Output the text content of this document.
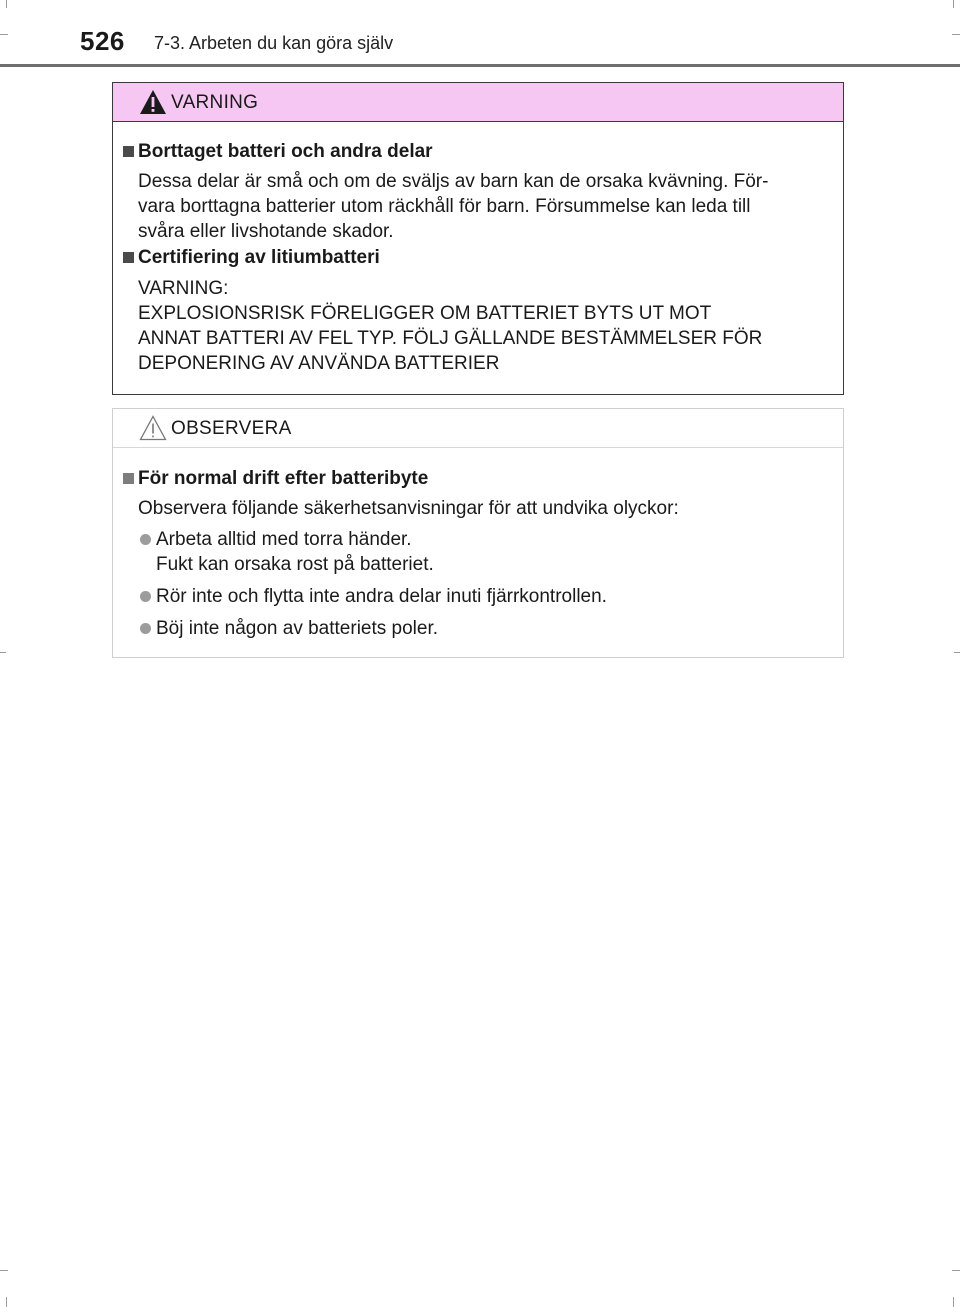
526 7-3. Arbeten du kan göra själv
VARNING
Borttaget batteri och andra delar
Dessa delar är små och om de sväljs av barn kan de orsaka kvävning. För-
vara borttagna batterier utom räckhåll för barn. Försummelse kan leda till
svåra eller livshotande skador.
Certifiering av litiumbatteri
VARNING:
EXPLOSIONSRISK FÖRELIGGER OM BATTERIET BYTS UT MOT
ANNAT BATTERI AV FEL TYP. FÖLJ GÄLLANDE BESTÄMMELSER FÖR
DEPONERING AV ANVÄNDA BATTERIER
OBSERVERA
För normal drift efter batteribyte
Observera följande säkerhetsanvisningar för att undvika olyckor:
Arbeta alltid med torra händer.
Fukt kan orsaka rost på batteriet.
Rör inte och flytta inte andra delar inuti fjärrkontrollen.
Böj inte någon av batteriets poler.
